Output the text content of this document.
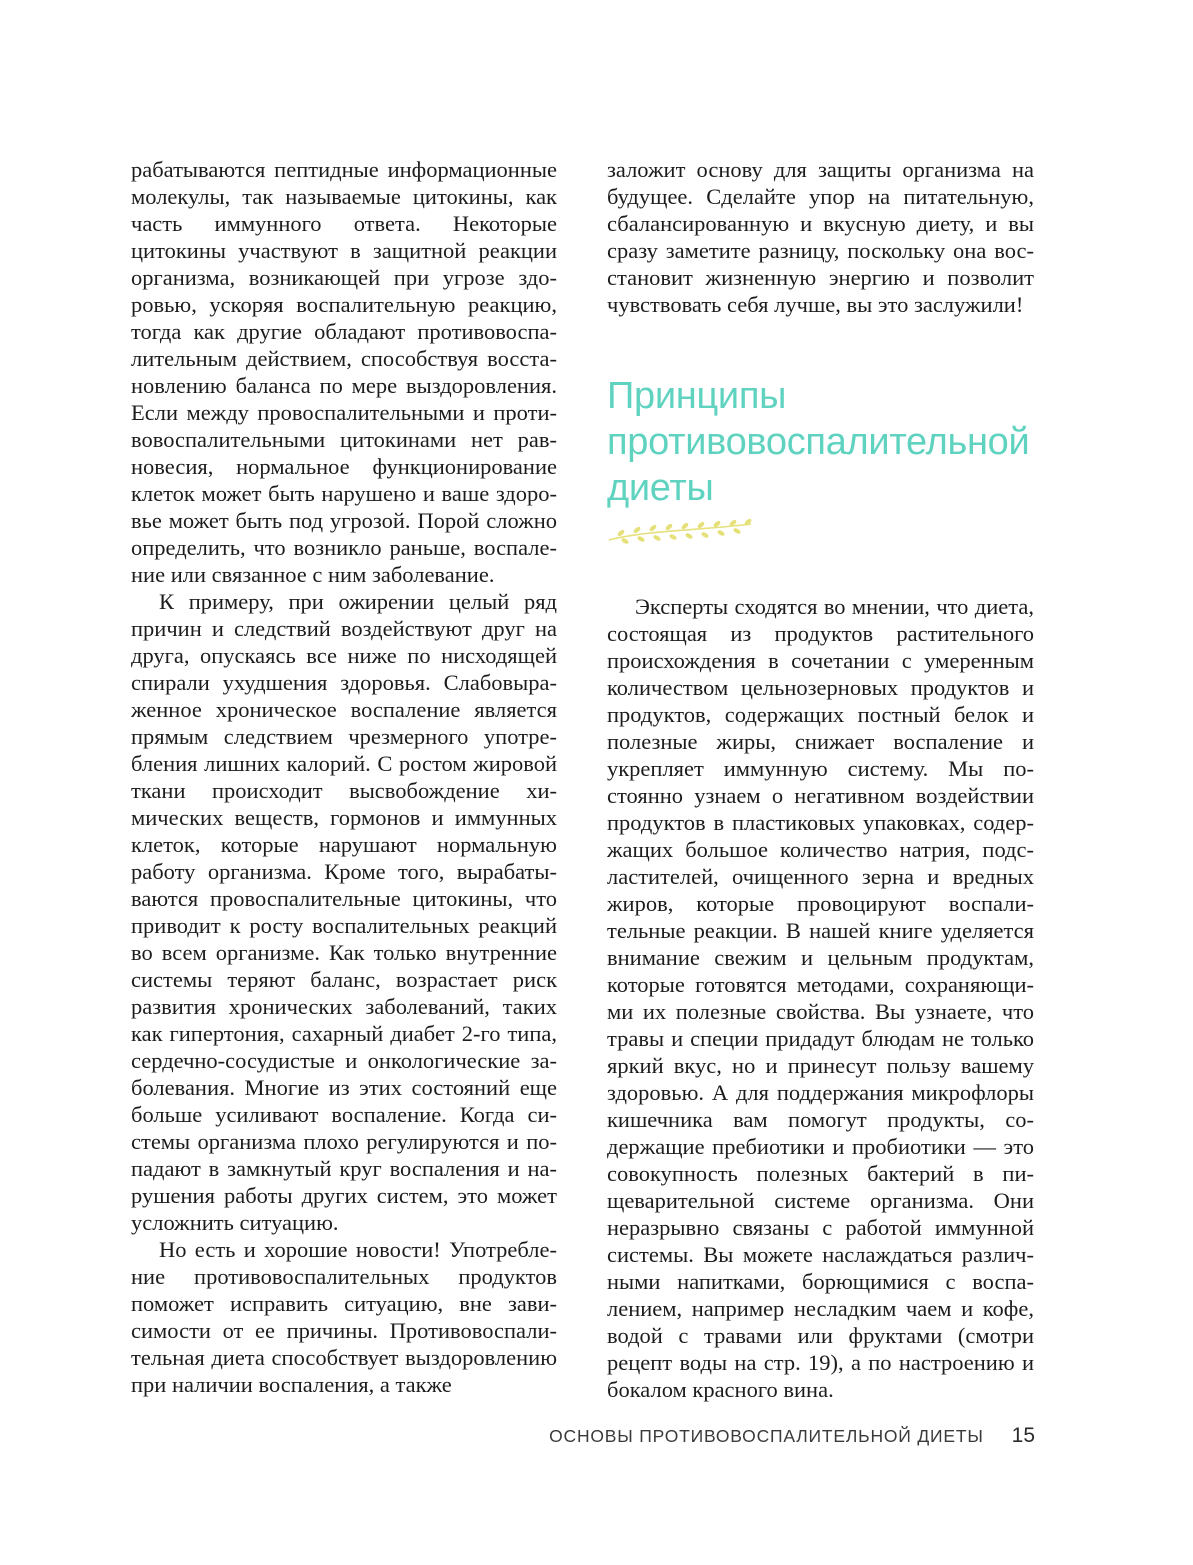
рабатываются пептидные информационные молекулы, так называемые цитокины, как часть иммунного ответа. Некоторые цитокины участвуют в защитной реакции организма, возникающей при угрозе здоровью, ускоряя воспалительную реакцию, тогда как другие обладают противовоспалительным действием, способствуя восстановлению баланса по мере выздоровления. Если между провоспалительными и противовоспалительными цитокинами нет равновесия, нормальное функционирование клеток может быть нарушено и ваше здоровье может быть под угрозой. Порой сложно определить, что возникло раньше, воспаление или связанное с ним заболевание.

К примеру, при ожирении целый ряд причин и следствий воздействуют друг на друга, опускаясь все ниже по нисходящей спирали ухудшения здоровья. Слабовыраженное хроническое воспаление является прямым следствием чрезмерного употребления лишних калорий. С ростом жировой ткани происходит высвобождение химических веществ, гормонов и иммунных клеток, которые нарушают нормальную работу организма. Кроме того, вырабатываются провоспалительные цитокины, что приводит к росту воспалительных реакций во всем организме. Как только внутренние системы теряют баланс, возрастает риск развития хронических заболеваний, таких как гипертония, сахарный диабет 2-го типа, сердечно-сосудистые и онкологические заболевания. Многие из этих состояний еще больше усиливают воспаление. Когда системы организма плохо регулируются и попадают в замкнутый круг воспаления и нарушения работы других систем, это может усложнить ситуацию.

Но есть и хорошие новости! Употребление противовоспалительных продуктов поможет исправить ситуацию, вне зависимости от ее причины. Противовоспалительная диета способствует выздоровлению при наличии воспаления, а также

заложит основу для защиты организма на будущее. Сделайте упор на питательную, сбалансированную и вкусную диету, и вы сразу заметите разницу, поскольку она восстановит жизненную энергию и позволит чувствовать себя лучше, вы это заслужили!

Принципы противовоспалительной диеты

Эксперты сходятся во мнении, что диета, состоящая из продуктов растительного происхождения в сочетании с умеренным количеством цельнозерновых продуктов и продуктов, содержащих постный белок и полезные жиры, снижает воспаление и укрепляет иммунную систему. Мы постоянно узнаем о негативном воздействии продуктов в пластиковых упаковках, содержащих большое количество натрия, подсластителей, очищенного зерна и вредных жиров, которые провоцируют воспалительные реакции. В нашей книге уделяется внимание свежим и цельным продуктам, которые готовятся методами, сохраняющими их полезные свойства. Вы узнаете, что травы и специи придадут блюдам не только яркий вкус, но и принесут пользу вашему здоровью. А для поддержания микрофлоры кишечника вам помогут продукты, содержащие пребиотики и пробиотики — это совокупность полезных бактерий в пищеварительной системе организма. Они неразрывно связаны с работой иммунной системы. Вы можете наслаждаться различными напитками, борющимися с воспалением, например несладким чаем и кофе, водой с травами или фруктами (смотри рецепт воды на стр. 19), а по настроению и бокалом красного вина.

ОСНОВЫ ПРОТИВОВОСПАЛИТЕЛЬНОЙ ДИЕТЫ 15
